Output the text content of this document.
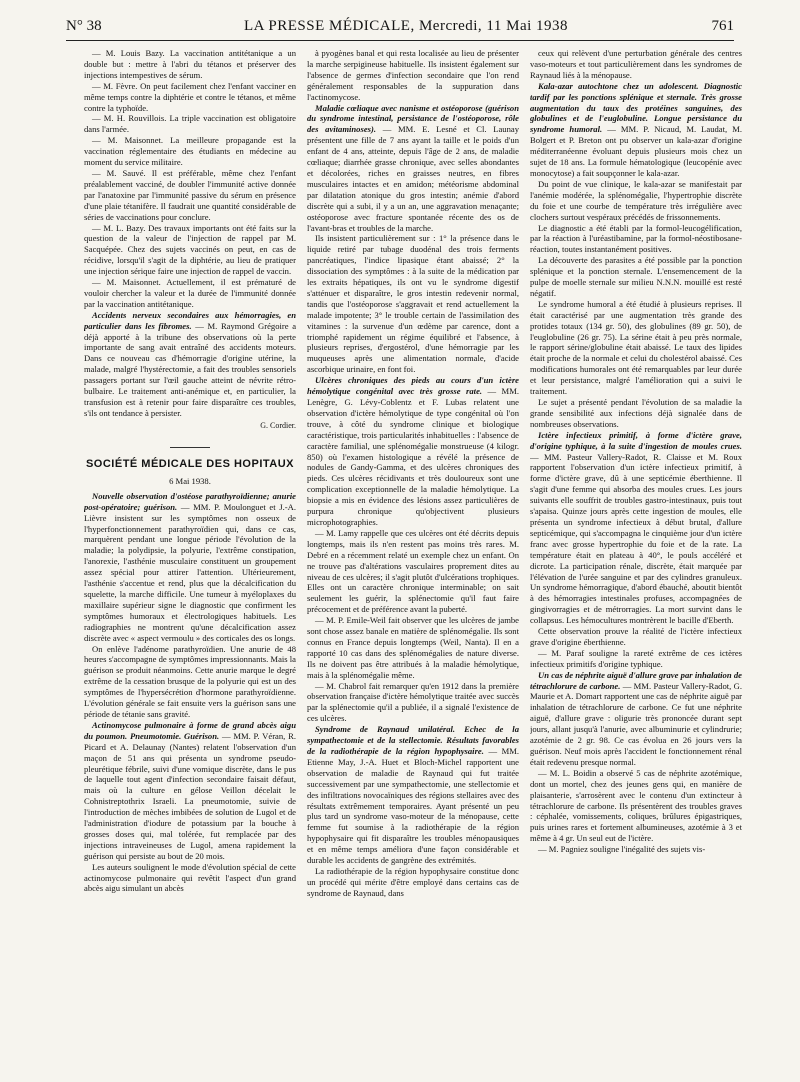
N° 38	LA PRESSE MÉDICALE, Mercredi, 11 Mai 1938	761

— M. Louis Bazy. La vaccination antitétanique a un double but : mettre à l'abri du tétanos et préserver des injections intempestives de sérum.

— M. Fèvre. On peut facilement chez l'enfant vacciner en même temps contre la diphtérie et contre le tétanos, et même contre la typhoïde.

— M. H. Rouvillois. La triple vaccination est obligatoire dans l'armée.

— M. Maisonnet. La meilleure propagande est la vaccination réglementaire des étudiants en médecine au moment du service militaire.

— M. Sauvé. Il est préférable, même chez l'enfant préalablement vacciné, de doubler l'immunité active donnée par l'anatoxine par l'immunité passive du sérum en présence d'une plaie tétanifère. Il faudrait une quantité considérable de séries de vaccinations pour conclure.

— M. L. Bazy. Des travaux importants ont été faits sur la question de la valeur de l'injection de rappel par M. Sacquépée. Chez des sujets vaccinés on peut, en cas de récidive, lorsqu'il s'agit de la diphtérie, au lieu de pratiquer une injection sérique faire une injection de rappel de vaccin.

— M. Maisonnet. Actuellement, il est prématuré de vouloir chercher la valeur et la durée de l'immunité donnée par la vaccination antitétanique.

Accidents nerveux secondaires aux hémorragies, en particulier dans les fibromes. — M. Raymond Grégoire a déjà apporté à la tribune des observations où la perte importante de sang avait entraîné des accidents moteurs. Dans ce nouveau cas d'hémorragie d'origine utérine, la malade, malgré l'hystérectomie, a fait des troubles sensoriels passagers portant sur l'œil gauche atteint de névrite rétro-bulbaire. Le traitement anti-anémique et, en particulier, la transfusion est à retenir pour faire disparaître ces troubles, s'ils ont tendance à persister.

G. Cordier.

SOCIÉTÉ MÉDICALE DES HOPITAUX
6 Mai 1938.

Nouvelle observation d'ostéose parathyroïdienne; anurie post-opératoire; guérison. — MM. P. Moulonguet et J.-A. Lièvre insistent sur les symptômes non osseux de l'hyperfonctionnement parathyroïdien qui, dans ce cas, marquèrent pendant une longue période l'évolution de la maladie; la polydipsie, la polyurie, l'extrême constipation, l'anorexie, l'asthénie musculaire constituent un groupement assez spécial pour attirer l'attention. Ultérieurement, l'asthénie s'accentue et rend, plus que la décalcification du squelette, la marche difficile. Une tumeur à myéloplaxes du maxillaire supérieur signe le diagnostic que confirment les symptômes humoraux et électrologiques habituels. Les radiographies ne montrent qu'une décalcification assez discrète avec « aspect vermoulu » des corticales des os longs.

On enlève l'adénome parathyroïdien. Une anurie de 48 heures s'accompagne de symptômes impressionnants. Mais la guérison se produit néanmoins. Cette anurie marque le degré extrême de la cessation brusque de la polyurie qui est un des symptômes de l'hypersécrétion d'hormone parathyroïdienne. L'évolution générale se fait ensuite vers la guérison sans une période de tétanie sans gravité.

Actinomycose pulmonaire à forme de grand abcès aigu du poumon. Pneumotomie. Guérison. — MM. P. Véran, R. Picard et A. Delaunay (Nantes) relatent l'observation d'un maçon de 51 ans qui présenta un syndrome pseudo-pleurétique fébrile, suivi d'une vomique discrète, dans le pus de laquelle tout agent d'infection secondaire faisait défaut, mais où la culture en gélose Veillon décelait le Cohnistreptothrix Israeli. La pneumotomie, suivie de l'introduction de mèches imbibées de solution de Lugol et de l'administration d'iodure de potassium par la bouche à grosses doses qui, mal tolérée, fut remplacée par des injections intraveineuses de Lugol, amena rapidement la guérison qui persiste au bout de 20 mois.

Les auteurs soulignent le mode d'évolution spécial de cette actinomycose pulmonaire qui revêtit l'aspect d'un grand abcès aigu simulant un abcès

à pyogènes banal et qui resta localisée au lieu de présenter la marche serpigineuse habituelle. Ils insistent également sur l'absence de germes d'infection secondaire que l'on rend généralement responsables de la suppuration dans l'actinomycose.

Maladie cœliaque avec nanisme et ostéoporose (guérison du syndrome intestinal, persistance de l'ostéoporose, rôle des avitaminoses). — MM. E. Lesné et Cl. Launay présentent une fille de 7 ans ayant la taille et le poids d'un enfant de 4 ans, atteinte, depuis l'âge de 2 ans, de maladie cœliaque; diarrhée grasse chronique, avec selles abondantes et décolorées, riches en graisses neutres, en fibres musculaires intactes et en amidon; météorisme abdominal par dilatation atonique du gros intestin; anémie d'abord discrète qui a subi, il y a un an, une aggravation menaçante; ostéoporose avec fracture spontanée récente des os de l'avant-bras et troubles de la marche.

Ils insistent particulièrement sur : 1° la présence dans le liquide retiré par tubage duodénal des trois ferments pancréatiques, l'indice lipasique étant abaissé; 2° la dissociation des symptômes : à la suite de la médication par les extraits hépatiques, ils ont vu le syndrome digestif s'atténuer et disparaître, le gros intestin redevenir normal, tandis que l'ostéoporose s'aggravait et rend actuellement la malade impotente; 3° le trouble certain de l'assimilation des vitamines : la survenue d'un œdème par carence, dont a triomphé rapidement un régime équilibré et l'absence, à plusieurs reprises, d'ergostérol, d'une hémorragie par les muqueuses après une alimentation normale, d'acide ascorbique urinaire, en font foi.

Ulcères chroniques des pieds au cours d'un ictère hémolytique congénital avec très grosse rate. — MM. Lenègre, G. Lévy-Coblentz et F. Lubas relatent une observation d'ictère hémolytique de type congénital où l'on trouve, à côté du syndrome clinique et biologique caractéristique, trois particularités inhabituelles : l'absence de caractère familial, une splénomégalie monstrueuse (4 kilogr. 850) où l'examen histologique a révélé la présence de nodules de Gandy-Gamma, et des ulcères chroniques des pieds. Ces ulcères récidivants et très douloureux sont une complication exceptionnelle de la maladie hémolytique. La biopsie a mis en évidence des lésions assez particulières de purpura chronique qu'objectivent plusieurs microphotographies.

— M. Lamy rappelle que ces ulcères ont été décrits depuis longtemps, mais ils n'en restent pas moins très rares. M. Debré en a récemment relaté un exemple chez un enfant. On ne trouve pas d'altérations vasculaires proprement dites au niveau de ces ulcères; il s'agit plutôt d'ulcérations trophiques. Elles ont un caractère chronique interminable; on sait seulement les guérir, la splénectomie qu'il faut faire précocement et de préférence avant la puberté.

— M. P. Emile-Weil fait observer que les ulcères de jambe sont chose assez banale en matière de splénomégalie. Ils sont connus en France depuis longtemps (Weil, Nanta). Il en a rapporté 10 cas dans des splénomégalies de nature diverse. Ils ne doivent pas être attribués à la maladie hémolytique, mais à la splénomégalie même.

— M. Chabrol fait remarquer qu'en 1912 dans la première observation française d'ictère hémolytique traitée avec succès par la splénectomie qu'il a publiée, il a signalé l'existence de ces ulcères.

Syndrome de Raynaud unilatéral. Echec de la sympathectomie et de la stellectomie. Résultats favorables de la radiothérapie de la région hypophysaire. — MM. Etienne May, J.-A. Huet et Bloch-Michel rapportent une observation de maladie de Raynaud qui fut traitée successivement par une sympathectomie, une stellectomie et des infiltrations novocaïniques des régions stellaires avec des résultats extrêmement temporaires. Ayant présenté un peu plus tard un syndrome vaso-moteur de la ménopause, cette femme fut soumise à la radiothérapie de la région hypophysaire qui fit disparaître les troubles ménopausiques et en même temps améliora d'une façon considérable et durable les accidents de gangrène des extrémités.

La radiothérapie de la région hypophysaire constitue donc un procédé qui mérite d'être employé dans certains cas de syndrome de Raynaud, dans

ceux qui relèvent d'une perturbation générale des centres vaso-moteurs et tout particulièrement dans les syndromes de Raynaud liés à la ménopause.

Kala-azar autochtone chez un adolescent. Diagnostic tardif par les ponctions splénique et sternale. Très grosse augmentation du taux des protéines sanguines, des globulines et de l'euglobuline. Longue persistance du syndrome humoral. — MM. P. Nicaud, M. Laudat, M. Bolgert et P. Breton ont pu observer un kala-azar d'origine méditerranéenne évoluant depuis plusieurs mois chez un sujet de 18 ans. La formule hématologique (leucopénie avec monocytose) a fait soupçonner le kala-azar.

Du point de vue clinique, le kala-azar se manifestait par l'anémie modérée, la splénomégalie, l'hypertrophie discrète du foie et une courbe de température très irrégulière avec clochers surtout vespéraux précédés de frissonnements.

Le diagnostic a été établi par la formol-leucogélification, par la réaction à l'uréastibamine, par la formol-néostibosane-réaction, toutes instantanément positives.

La découverte des parasites a été possible par la ponction splénique et la ponction sternale. L'ensemencement de la pulpe de moelle sternale sur milieu N.N.N. mouillé est resté négatif.

Le syndrome humoral a été étudié à plusieurs reprises. Il était caractérisé par une augmentation très grande des protides totaux (134 gr. 50), des globulines (89 gr. 50), de l'euglobuline (26 gr. 75). La sérine était à peu près normale, le rapport sérine/globuline était abaissé. Le taux des lipides était proche de la normale et celui du cholestérol abaissé. Ces modifications humorales ont été remarquables par leur durée et leur persistance, malgré l'amélioration qui a suivi le traitement.

Le sujet a présenté pendant l'évolution de sa maladie la grande sensibilité aux infections déjà signalée dans de nombreuses observations.

Ictère infectieux primitif, à forme d'ictère grave, d'origine typhique, à la suite d'ingestion de moules crues. — MM. Pasteur Vallery-Radot, R. Claisse et M. Roux rapportent l'observation d'un ictère infectieux primitif, à forme d'ictère grave, dû à une septicémie éberthienne. Il s'agit d'une femme qui absorba des moules crues. Les jours suivants elle souffrit de troubles gastro-intestinaux, puis tout s'apaisa. Quinze jours après cette ingestion de moules, elle présenta un syndrome infectieux à début brutal, d'allure septicémique, qui s'accompagna le cinquième jour d'un ictère franc avec grosse hypertrophie du foie et de la rate. La température était en plateau à 40°, le pouls accéléré et dicrote. La participation rénale, discrète, était marquée par l'élévation de l'urée sanguine et par des cylindres granuleux. Un syndrome hémorragique, d'abord ébauché, aboutit bientôt à des hémorragies intestinales profuses, accompagnées de gingivorragies et de métrorragies. La mort survint dans le collapsus. Les hémocultures montrèrent le bacille d'Eberth.

Cette observation prouve la réalité de l'ictère infectieux grave d'origine éberthienne.

— M. Paraf souligne la rareté extrême de ces ictères infectieux primitifs d'origine typhique.

Un cas de néphrite aiguë d'allure grave par inhalation de tétrachlorure de carbone. — MM. Pasteur Vallery-Radot, G. Maurie et A. Domart rapportent une cas de néphrite aiguë par inhalation de tétrachlorure de carbone. Ce fut une néphrite aiguë, d'allure grave : oligurie très prononcée durant sept jours, allant jusqu'à l'anurie, avec albuminurie et cylindrurie; azotémie de 2 gr. 98. Ce cas évolua en 26 jours vers la guérison. Neuf mois après l'accident le fonctionnement rénal était redevenu presque normal.

— M. L. Boidin a observé 5 cas de néphrite azotémique, dont un mortel, chez des jeunes gens qui, en manière de plaisanterie, s'arrosèrent avec le contenu d'un extincteur à tétrachlorure de carbone. Ils présentèrent des troubles graves : céphalée, vomissements, coliques, brûlures épigastriques, puis urines rares et fortement albumineuses, azotémie à 3 et même à 4 gr. Un seul eut de l'ictère.

— M. Pagniez souligne l'inégalité des sujets vis-
